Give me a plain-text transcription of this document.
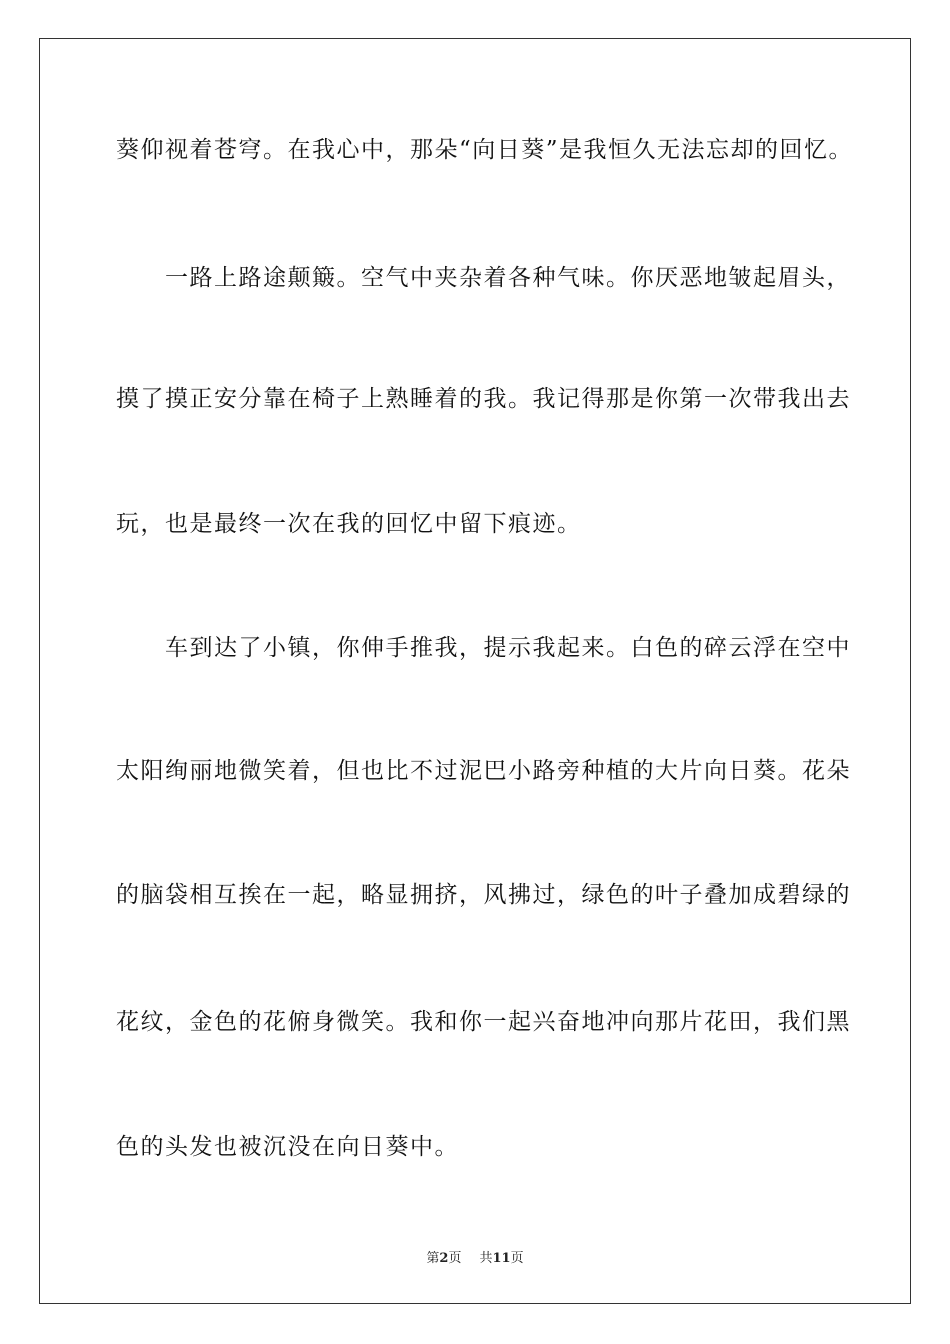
葵仰视着苍穹。在我心中，那朵“向日葵”是我恒久无法忘却的回忆。
　　一路上路途颠簸。空气中夹杂着各种气味。你厌恶地皱起眉头，
摸了摸正安分靠在椅子上熟睡着的我。我记得那是你第一次带我出去
玩，也是最终一次在我的回忆中留下痕迹。
　　车到达了小镇，你伸手推我，提示我起来。白色的碎云浮在空中
太阳绚丽地微笑着，但也比不过泥巴小路旁种植的大片向日葵。花朵
的脑袋相互挨在一起，略显拥挤，风拂过，绿色的叶子叠加成碧绿的
花纹，金色的花俯身微笑。我和你一起兴奋地冲向那片花田，我们黑
色的头发也被沉没在向日葵中。
第2页 共11页
